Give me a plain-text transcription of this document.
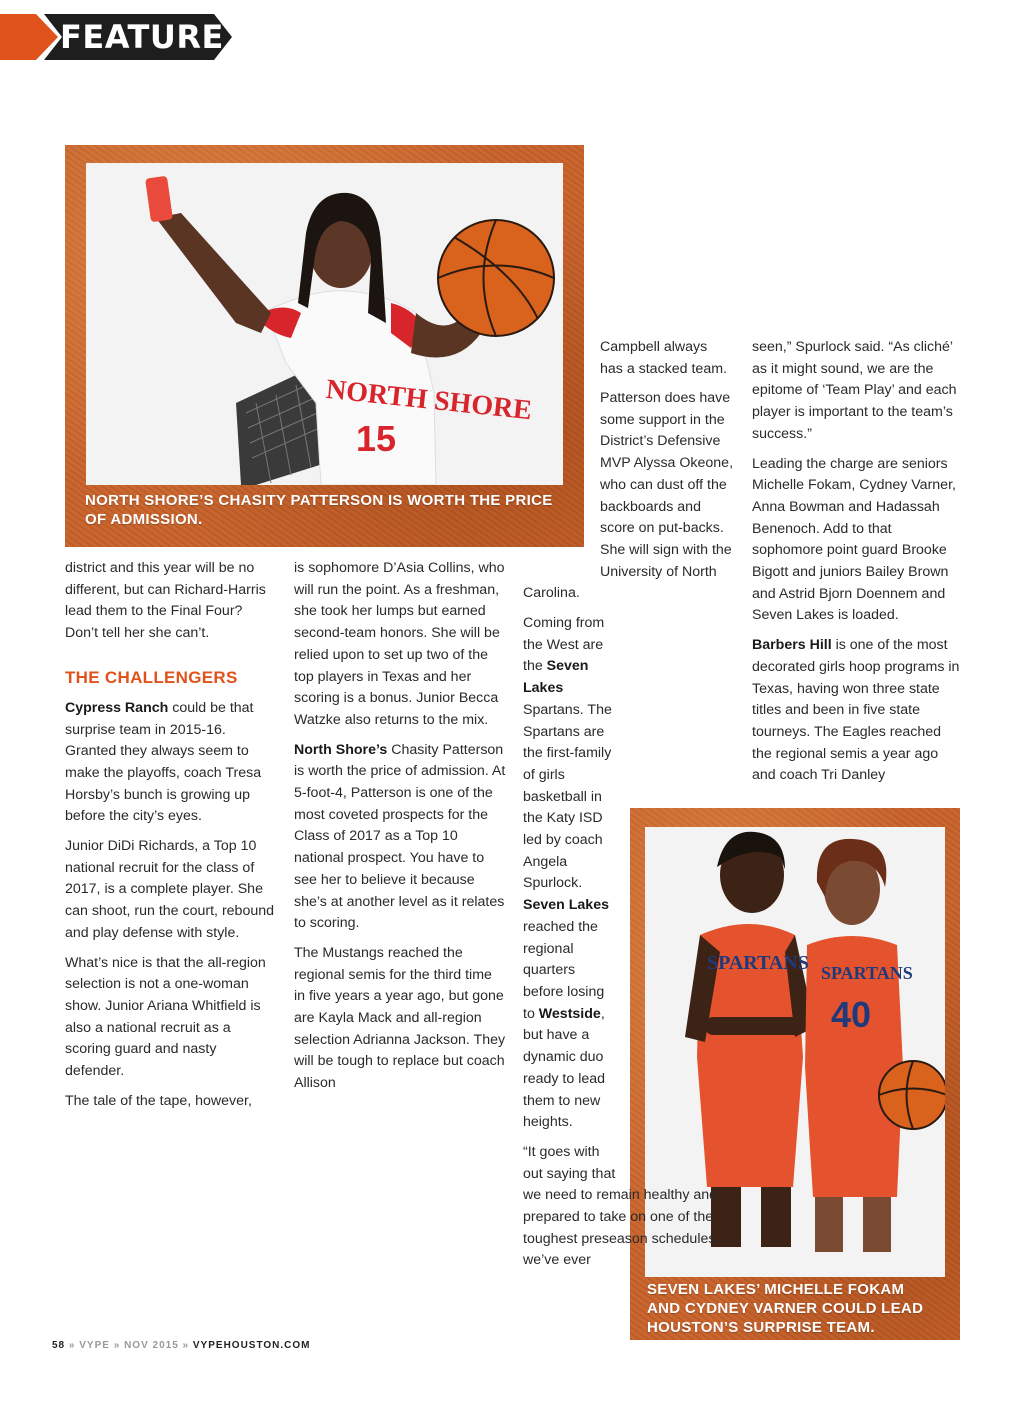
FEATURE
NORTH SHORE
15
NORTH SHORE’S CHASITY PATTERSON IS WORTH THE PRICE OF ADMISSION.
SPARTANS SPARTANS
40
SEVEN LAKES’ MICHELLE FOKAM AND CYDNEY VARNER COULD LEAD HOUSTON’S SURPRISE TEAM.

district and this year will be no different, but can Richard-Harris lead them to the Final Four? Don’t tell her she can’t.

THE CHALLENGERS

Cypress Ranch could be that surprise team in 2015-16. Granted they always seem to make the playoffs, coach Tresa Horsby’s bunch is growing up before the city’s eyes.

Junior DiDi Richards, a Top 10 national recruit for the class of 2017, is a complete player. She can shoot, run the court, rebound and play defense with style.

What’s nice is that the all-region selection is not a one-woman show. Junior Ariana Whitfield is also a national recruit as a scoring guard and nasty defender.

The tale of the tape, however,

is sophomore D’Asia Collins, who will run the point. As a freshman, she took her lumps but earned second-team honors. She will be relied upon to set up two of the top players in Texas and her scoring is a bonus. Junior Becca Watzke also returns to the mix.

North Shore’s Chasity Patterson is worth the price of admission. At 5-foot-4, Patterson is one of the most coveted prospects for the Class of 2017 as a Top 10 national prospect. You have to see her to believe it because she’s at another level as it relates to scoring.

The Mustangs reached the regional semis for the third time in five years a year ago, but gone are Kayla Mack and all-region selection Adrianna Jackson. They will be tough to replace but coach Allison

Campbell always has a stacked team.

Patterson does have some support in the District’s Defensive MVP Alyssa Okeone, who can dust off the backboards and score on put-backs. She will sign with the University of North Carolina.

Coming from the West are the Seven Lakes Spartans. The Spartans are the first-family of girls basketball in the Katy ISD led by coach Angela Spurlock. Seven Lakes reached the regional quarters before losing to Westside, but have a dynamic duo ready to lead them to new heights.

“It goes with out saying that we need to remain healthy and prepared to take on one of the toughest preseason schedules we’ve ever

seen,” Spurlock said. “As cliché’ as it might sound, we are the epitome of ‘Team Play’ and each player is important to the team’s success.”

Leading the charge are seniors Michelle Fokam, Cydney Varner, Anna Bowman and Hadassah Benenoch. Add to that sophomore point guard Brooke Bigott and juniors Bailey Brown and Astrid Bjorn Doennem and Seven Lakes is loaded.

Barbers Hill is one of the most decorated girls hoop programs in Texas, having won three state titles and been in five state tourneys. The Eagles reached the regional semis a year ago and coach Tri Danley

58 » VYPE » NOV 2015 » VYPEHOUSTON.COM
